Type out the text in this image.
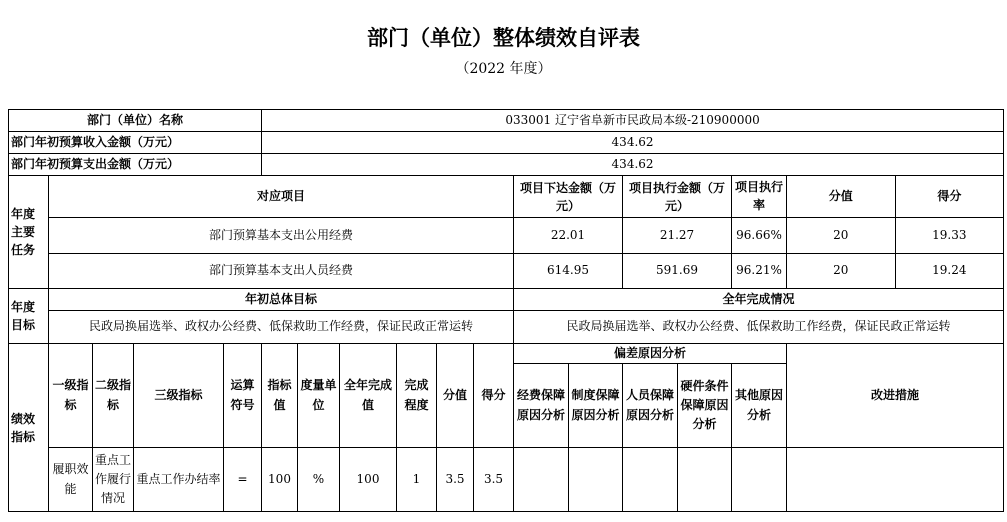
部门（单位）整体绩效自评表
（2022 年度）
部门（单位）名称					033001 辽宁省阜新市民政局本级-210900000											
部门年初预算收入金额（万元）					434.62											
部门年初预算支出金额（万元）					434.62											
年度主要任务	对应项目										项目下达金额（万元）		项目执行金额（万元）		项目执行率	分值 得分

	部门预算基本支出公用经费										22.01		21.27		96.66%	20 19.33

	部门预算基本支出人员经费										614.95		591.69		96.21%	20 19.24

年度目标	年初总体目标										全年完成情况					
	民政局换届选举、政权办公经费、低保救助工作经费，保证民政正常运转										民政局换届选举、政权办公经费、低保救助工作经费，保证民政正常运转					
绩效指标	一级指标	二级指标	三级指标	运算符号	指标值	度量单位	全年完成值	完成程度	分值	得分	偏差原因分析					改进措施
											经费保障原因分析	制度保障原因分析	人员保障原因分析	硬件条件保障原因分析	其他原因分析	
	履职效能	重点工作履行情况	重点工作办结率	=	100	%	100	1	3.5	3.5						
